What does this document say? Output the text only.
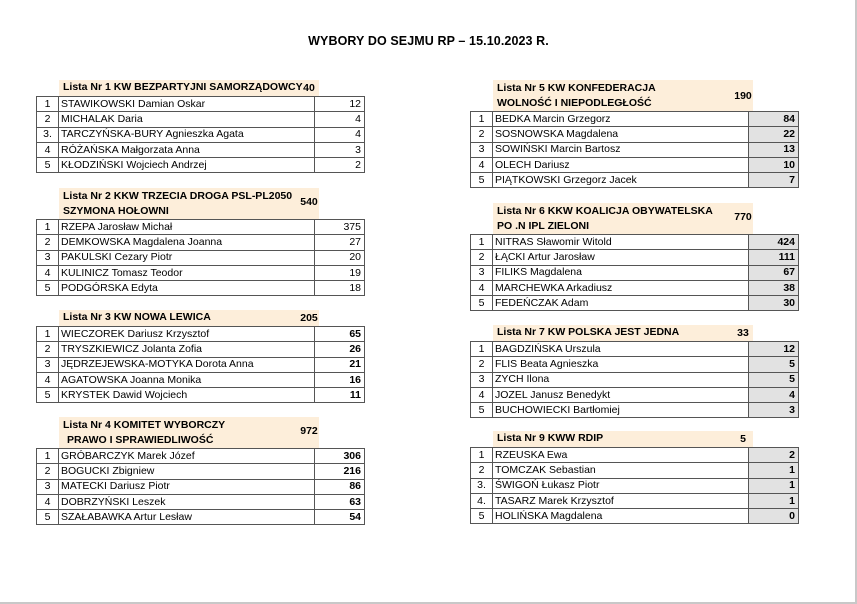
WYBORY DO SEJMU RP – 15.10.2023 R.
Lista Nr 1 KW BEZPARTYJNI SAMORZĄDOWCY 40
1	STAWIKOWSKI Damian Oskar	12
2	MICHALAK Daria	4
3.	TARCZYŃSKA-BURY Agnieszka Agata	4
4	RÓŻAŃSKA Małgorzata Anna	3
5	KŁODZIŃSKI Wojciech Andrzej	2
Lista Nr 2 KKW TRZECIA DROGA PSL-PL2050
SZYMONA HOŁOWNI
540
1	RZEPA Jarosław Michał	375
2	DEMKOWSKA Magdalena Joanna	27
3	PAKULSKI Cezary Piotr	20
4	KULINICZ Tomasz Teodor	19
5	PODGÓRSKA Edyta	18
Lista Nr 3 KW NOWA LEWICA	205
1	WIECZOREK Dariusz Krzysztof	65
2	TRYSZKIEWICZ Jolanta Zofia	26
3	JĘDRZEJEWSKA-MOTYKA Dorota Anna	21
4	AGATOWSKA Joanna Monika	16
5	KRYSTEK Dawid Wojciech	11
Lista Nr 4 KOMITET WYBORCZY
PRAWO I SPRAWIEDLIWOŚĆ
972
1	GRÓBARCZYK Marek Józef	306
2	BOGUCKI Zbigniew	216
3	MATECKI Dariusz Piotr	86
4	DOBRZYŃSKI Leszek	63
5	SZAŁABAWKA Artur Lesław	54
Lista Nr 5 KW KONFEDERACJA
WOLNOŚĆ I NIEPODLEGŁOŚĆ
190
1	BEDKA Marcin Grzegorz	84
2	SOSNOWSKA Magdalena	22
3	SOWIŃSKI Marcin Bartosz	13
4	OLECH Dariusz	10
5	PIĄTKOWSKI Grzegorz Jacek	7
Lista Nr 6 KKW KOALICJA OBYWATELSKA
PO .N IPL ZIELONI
770
1	NITRAS Sławomir Witold	424
2	ŁĄCKI Artur Jarosław	111
3	FILIKS Magdalena	67
4	MARCHEWKA Arkadiusz	38
5	FEDEŃCZAK Adam	30
Lista Nr 7 KW POLSKA JEST JEDNA	33
1	BAGDZIŃSKA Urszula	12
2	FLIS Beata Agnieszka	5
3	ZYCH Ilona	5
4	JOZEL Janusz Benedykt	4
5	BUCHOWIECKI Bartłomiej	3
Lista Nr 9 KWW RDIP	5
1	RZEUSKA Ewa	2
2	TOMCZAK Sebastian	1
3.	ŚWIGOŃ Łukasz Piotr	1
4.	TASARZ Marek Krzysztof	1
5	HOLIŃSKA Magdalena	0
